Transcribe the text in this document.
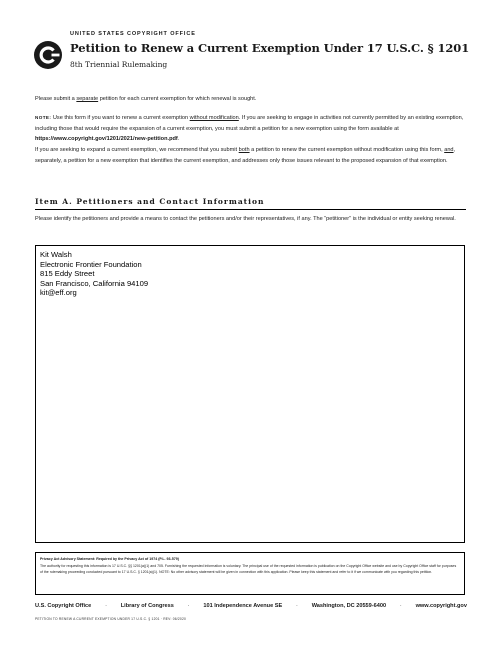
UNITED STATES COPYRIGHT OFFICE
Petition to Renew a Current Exemption Under 17 U.S.C. § 1201
8th Triennial Rulemaking
Please submit a separate petition for each current exemption for which renewal is sought.
NOTE: Use this form if you want to renew a current exemption without modification. If you are seeking to engage in activities not currently permitted by an existing exemption, including those that would require the expansion of a current exemption, you must submit a petition for a new exemption using the form available at https://www.copyright.gov/1201/2021/new-petition.pdf.
If you are seeking to expand a current exemption, we recommend that you submit both a petition to renew the current exemption without modification using this form, and, separately, a petition for a new exemption that identifies the current exemption, and addresses only those issues relevant to the proposed expansion of that exemption.
Item A. Petitioners and Contact Information
Please identify the petitioners and provide a means to contact the petitioners and/or their representatives, if any. The “petitioner” is the individual or entity seeking renewal.
Kit Walsh
Electronic Frontier Foundation
815 Eddy Street
San Francisco, California 94109
kit@eff.org
Privacy Act Advisory Statement: Required by the Privacy Act of 1974 (P.L. 93-579)
The authority for requesting this information is 17 U.S.C. §§ 1201(a)(1) and 705. Furnishing the requested information is voluntary. The principal use of the requested information is publication on the Copyright Office website and use by Copyright Office staff for purposes of the rulemaking proceeding conducted pursuant to 17 U.S.C. § 1201(a)(1). NOTE: No other advisory statement will be given in connection with this application. Please keep this statement and refer to it if we communicate with you regarding this petition.
U.S. Copyright Office	·	Library of Congress	·	101 Independence Avenue SE	·	Washington, DC 20559-6400	·	www.copyright.gov
PETITION TO RENEW A CURRENT EXEMPTION UNDER 17 U.S.C. § 1201 · REV: 06/2020
